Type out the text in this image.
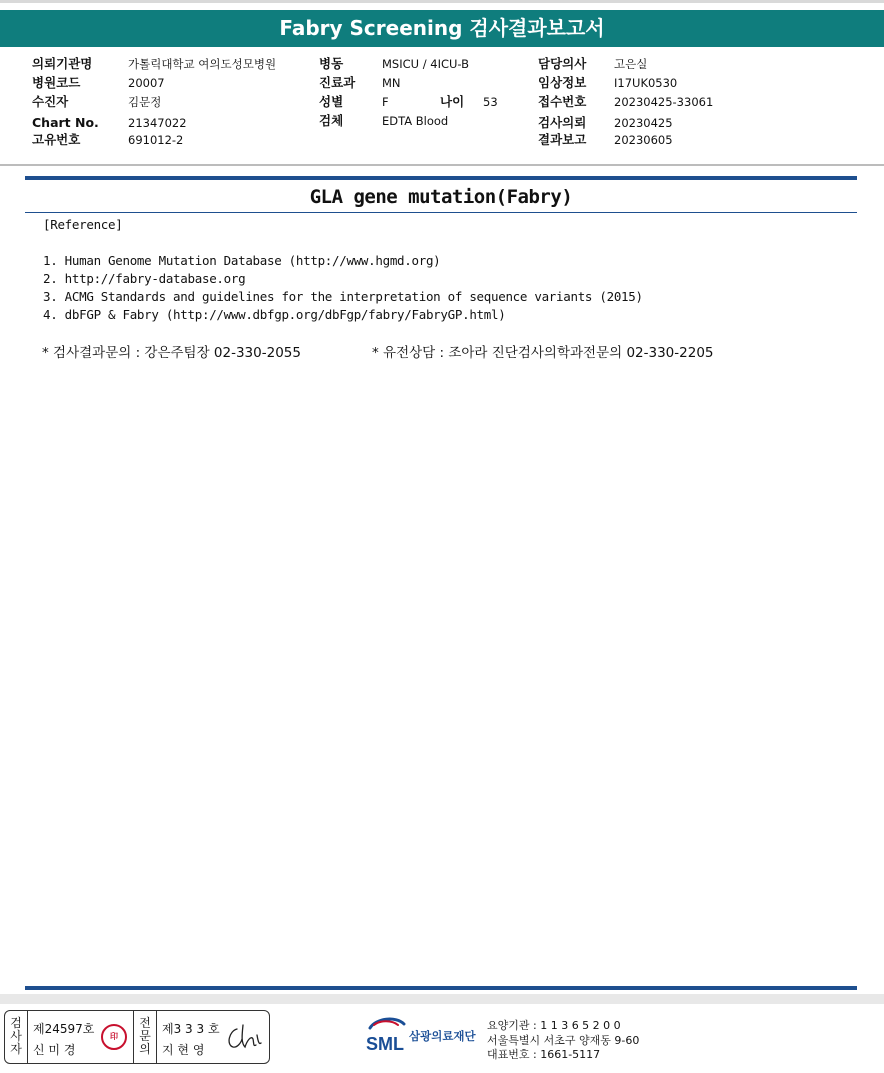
Fabry Screening 검사결과보고서
의뢰기관명	가톨릭대학교 여의도성모병원
병원코드	20007
수진자	김문정
Chart No.	21347022
고유번호	691012-2
병동	MSICU / 4ICU-B
진료과 MN
성별	F	나이 53
검체	EDTA Blood
담당의사 고은실
임상정보 I17UK0530
접수번호 20230425-33061
검사의뢰 20230425
결과보고 20230605
GLA gene mutation(Fabry)
[Reference]
1. Human Genome Mutation Database (http://www.hgmd.org)
2. http://fabry-database.org
3. ACMG Standards and guidelines for the interpretation of sequence variants (2015)
4. dbFGP & Fabry (http://www.dbfgp.org/dbFgp/fabry/FabryGP.html)
* 검사결과문의 : 강은주팀장 02-330-2055	* 유전상담 : 조아라 진단검사의학과전문의 02-330-2205
검
사
자
제24597호
신 미 경
印
전
문
의
제3 3 3 호
지 현 영	SML 삼광의료재단
요양기관 : 1 1 3 6 5 2 0 0
서울특별시 서초구 양재동 9-60
대표번호 : 1661-5117
